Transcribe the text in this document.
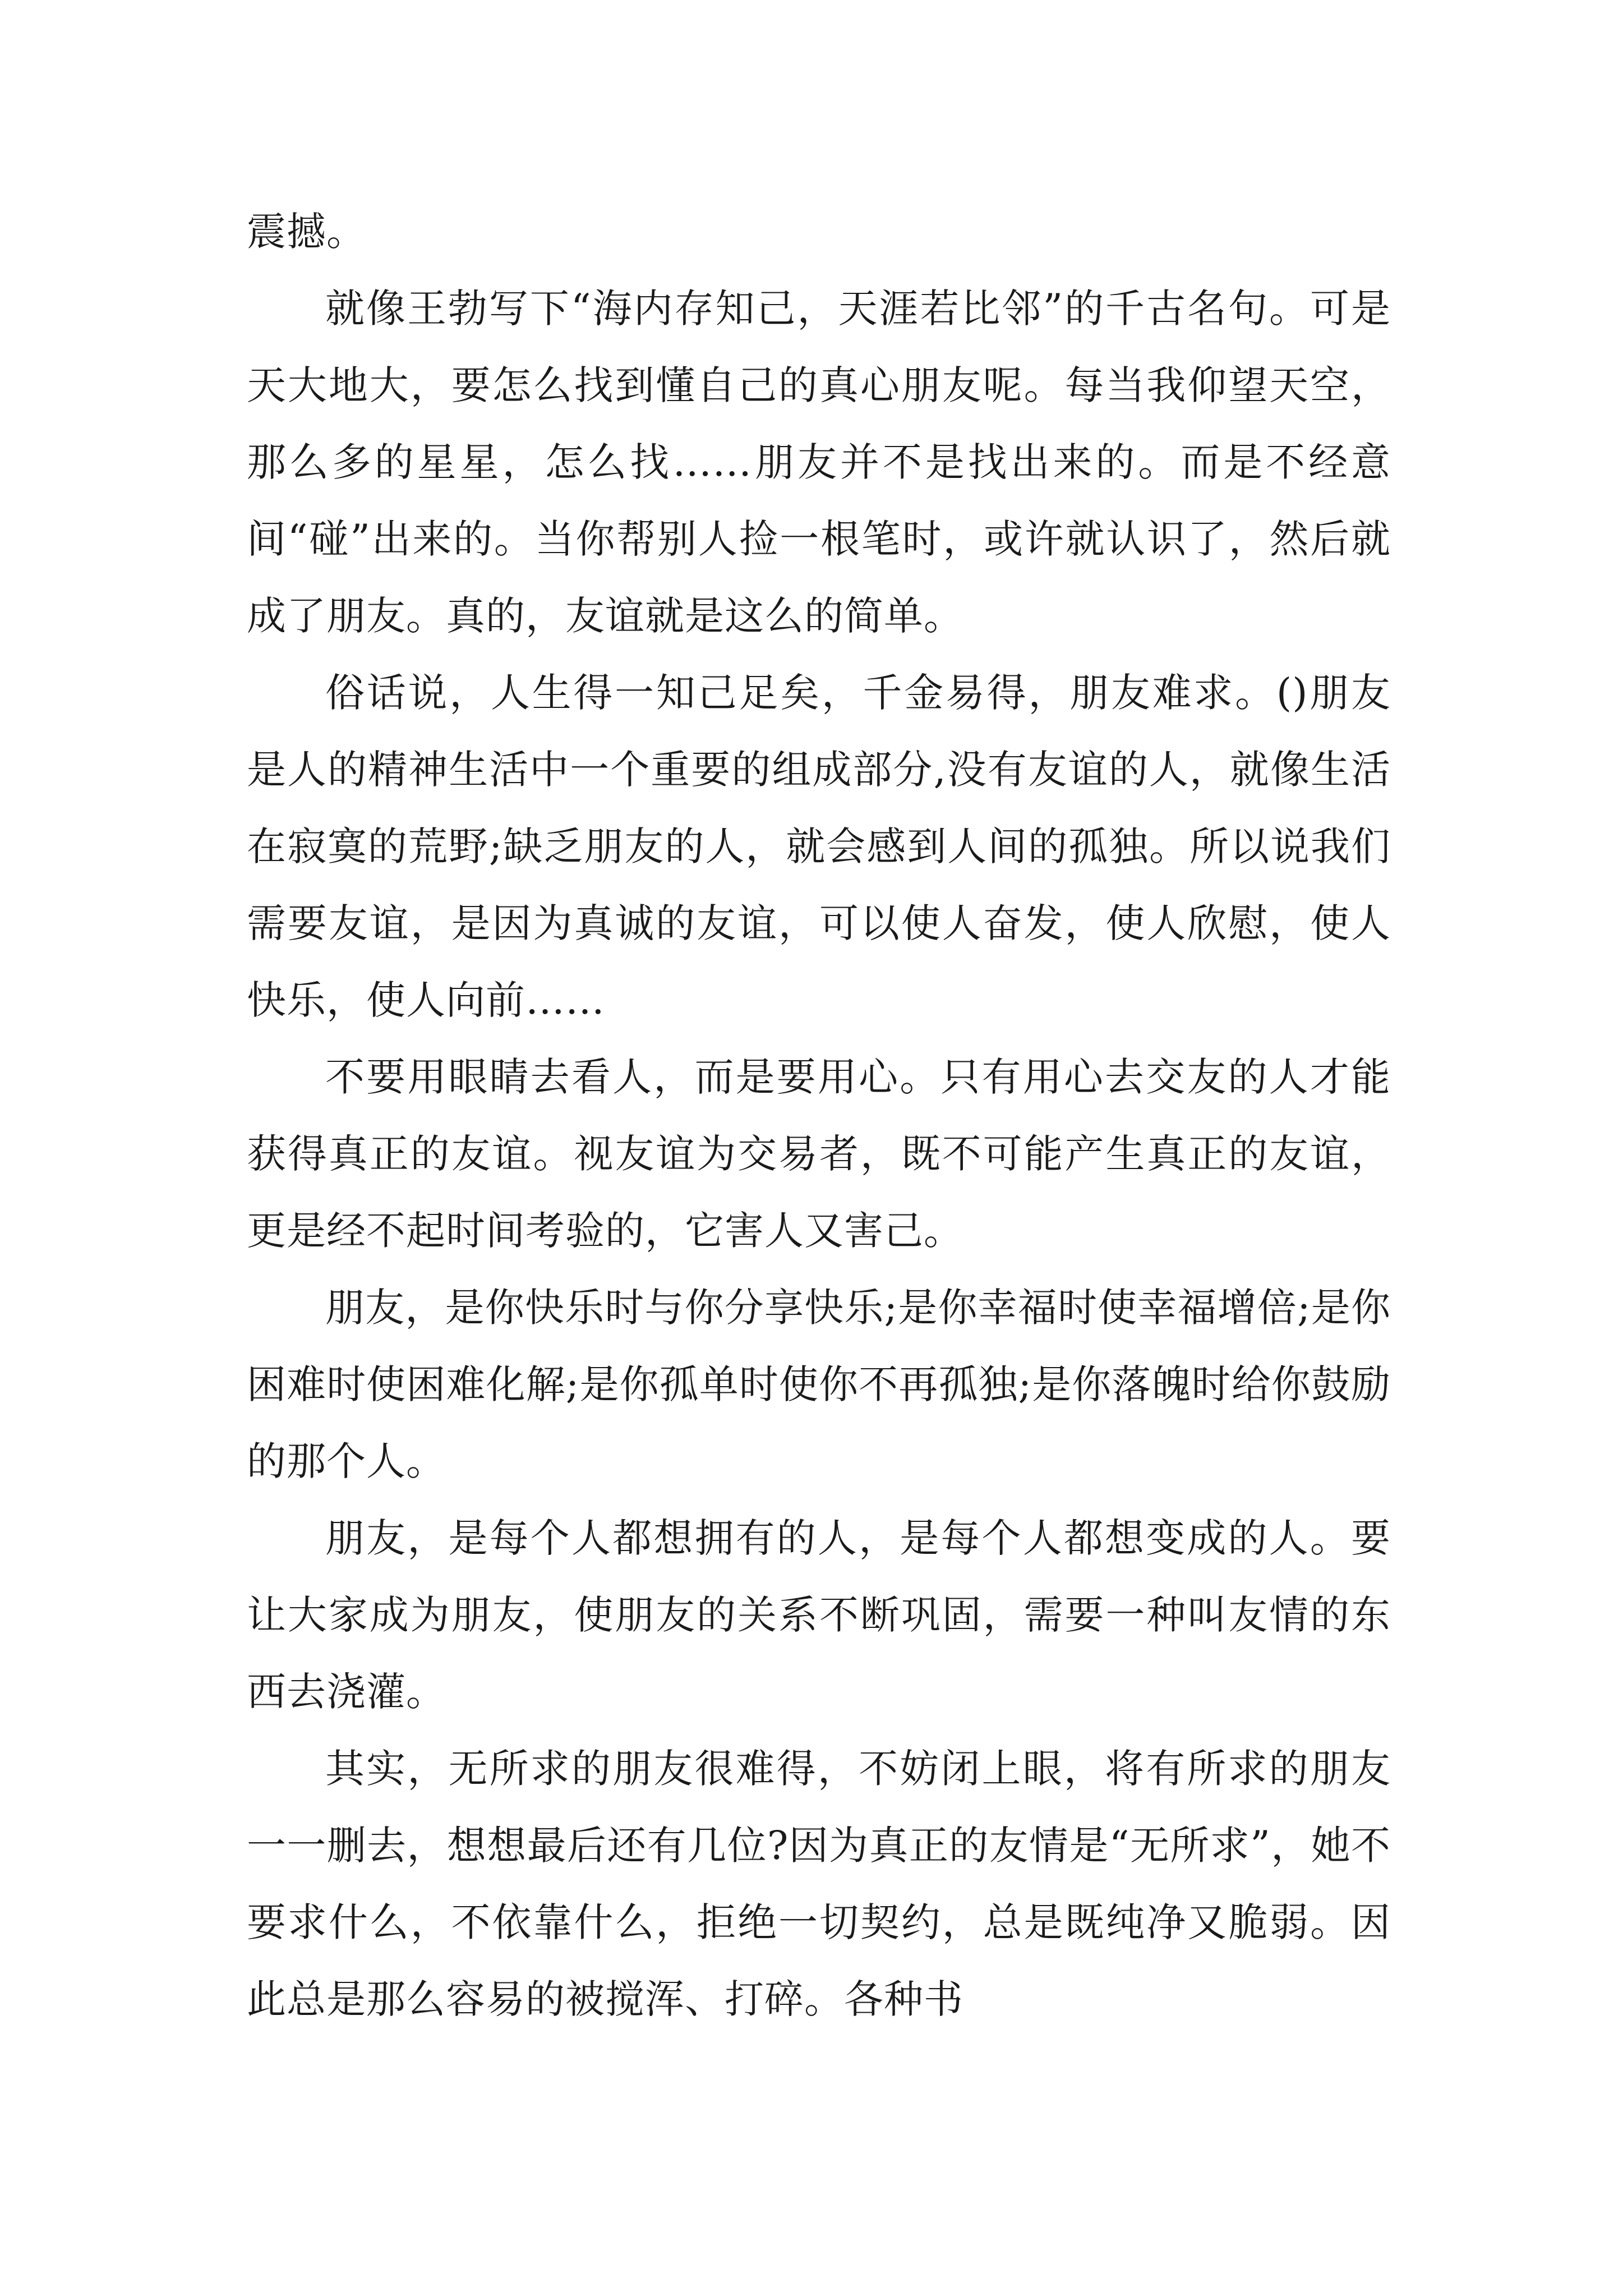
震撼。

就像王勃写下“海内存知己，天涯若比邻”的千古名句。可是天大地大，要怎么找到懂自己的真心朋友呢。每当我仰望天空，那么多的星星，怎么找……朋友并不是找出来的。而是不经意间“碰”出来的。当你帮别人捡一根笔时，或许就认识了，然后就成了朋友。真的，友谊就是这么的简单。

俗话说，人生得一知己足矣，千金易得，朋友难求。()朋友是人的精神生活中一个重要的组成部分,没有友谊的人，就像生活在寂寞的荒野;缺乏朋友的人，就会感到人间的孤独。所以说我们需要友谊，是因为真诚的友谊，可以使人奋发，使人欣慰，使人快乐，使人向前……

不要用眼睛去看人，而是要用心。只有用心去交友的人才能获得真正的友谊。视友谊为交易者，既不可能产生真正的友谊，更是经不起时间考验的，它害人又害己。

朋友，是你快乐时与你分享快乐;是你幸福时使幸福增倍;是你困难时使困难化解;是你孤单时使你不再孤独;是你落魄时给你鼓励的那个人。

朋友，是每个人都想拥有的人，是每个人都想变成的人。要让大家成为朋友，使朋友的关系不断巩固，需要一种叫友情的东西去浇灌。

其实，无所求的朋友很难得，不妨闭上眼，将有所求的朋友一一删去，想想最后还有几位?因为真正的友情是“无所求”，她不要求什么，不依靠什么，拒绝一切契约，总是既纯净又脆弱。因此总是那么容易的被搅浑、打碎。各种书
